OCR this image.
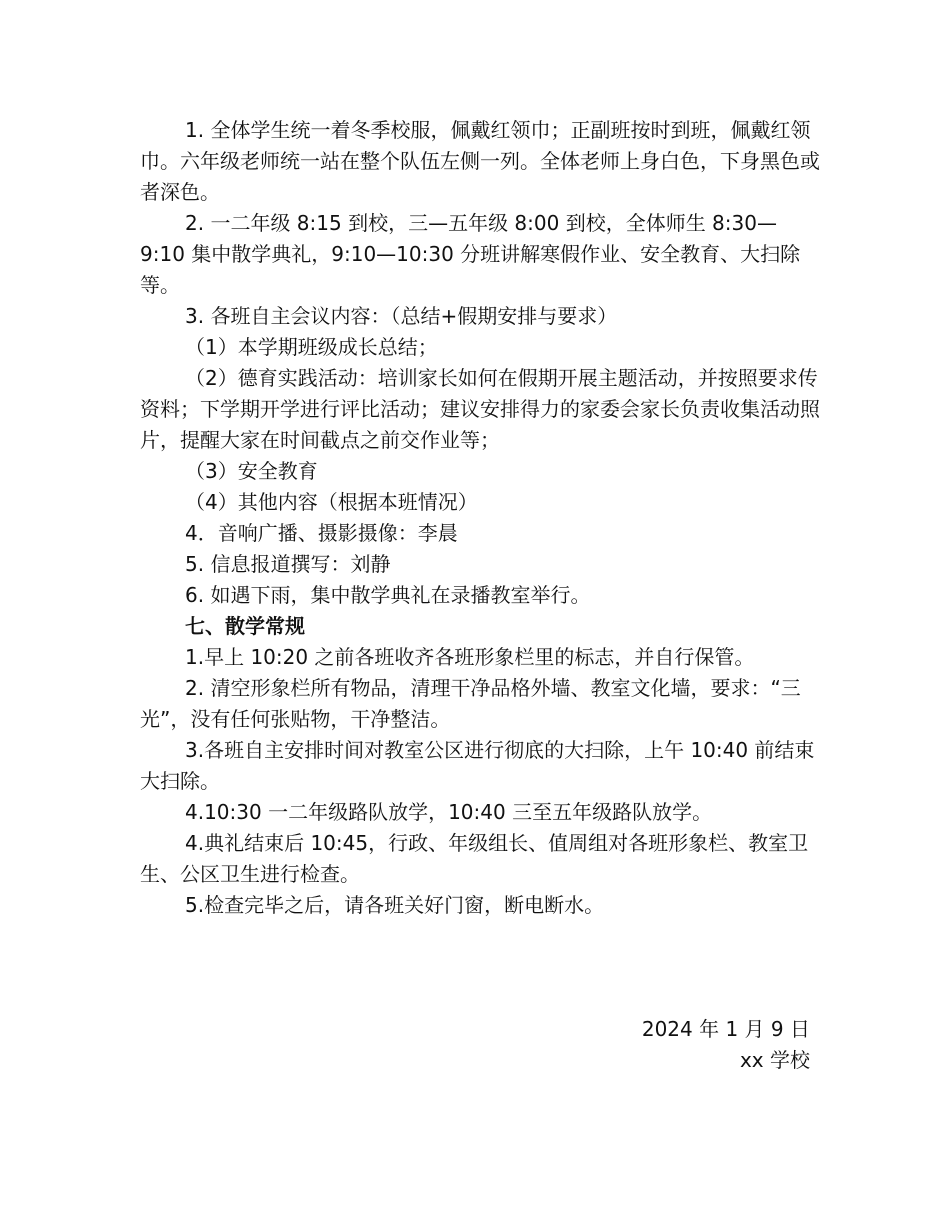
1. 全体学生统一着冬季校服，佩戴红领巾；正副班按时到班，佩戴红领巾。六年级老师统一站在整个队伍左侧一列。全体老师上身白色，下身黑色或者深色。

2. 一二年级 8:15 到校，三—五年级 8:00 到校，全体师生 8:30—9:10 集中散学典礼，9:10—10:30 分班讲解寒假作业、安全教育、大扫除等。

3. 各班自主会议内容：（总结+假期安排与要求）

（1）本学期班级成长总结；

（2）德育实践活动：培训家长如何在假期开展主题活动，并按照要求传资料；下学期开学进行评比活动；建议安排得力的家委会家长负责收集活动照片，提醒大家在时间截点之前交作业等；

（3）安全教育

（4）其他内容（根据本班情况）

4．音响广播、摄影摄像：李晨

5. 信息报道撰写：刘静

6. 如遇下雨，集中散学典礼在录播教室举行。

七、散学常规

1.早上 10:20 之前各班收齐各班形象栏里的标志，并自行保管。

2. 清空形象栏所有物品，清理干净品格外墙、教室文化墙，要求：“三光”，没有任何张贴物，干净整洁。

3.各班自主安排时间对教室公区进行彻底的大扫除，上午 10:40 前结束大扫除。

4.10:30 一二年级路队放学，10:40 三至五年级路队放学。

4.典礼结束后 10:45，行政、年级组长、值周组对各班形象栏、教室卫生、公区卫生进行检查。

5.检查完毕之后，请各班关好门窗，断电断水。

2024 年 1 月 9 日
xx 学校
